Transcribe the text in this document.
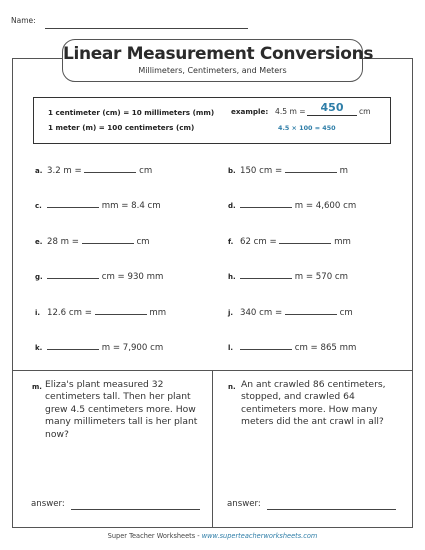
Name:
Linear Measurement Conversions
Millimeters, Centimeters, and Meters
1 centimeter (cm) = 10 millimeters (mm)
1 meter (m) = 100 centimeters (cm)
example: 4.5 m =	450	cm
4.5 × 100 = 450
a. 3.2 m =	cm	b. 150 cm =	m
c.	mm = 8.4 cm	d.	m = 4,600 cm
e. 28 m =	cm	f. 62 cm =	mm
g.	cm = 930 mm	h.	m = 570 cm
i. 12.6 cm =	mm	j. 340 cm =	cm
k.	m = 7,900 cm	l.	cm = 865 mm
m. Eliza's plant measured 32
centimeters tall. Then her plant
grew 4.5 centimeters more. How
many millimeters tall is her plant
now?
n. An ant crawled 86 centimeters,
stopped, and crawled 64
centimeters more. How many
meters did the ant crawl in all?
answer:	answer:
Super Teacher Worksheets - www.superteacherworksheets.com
